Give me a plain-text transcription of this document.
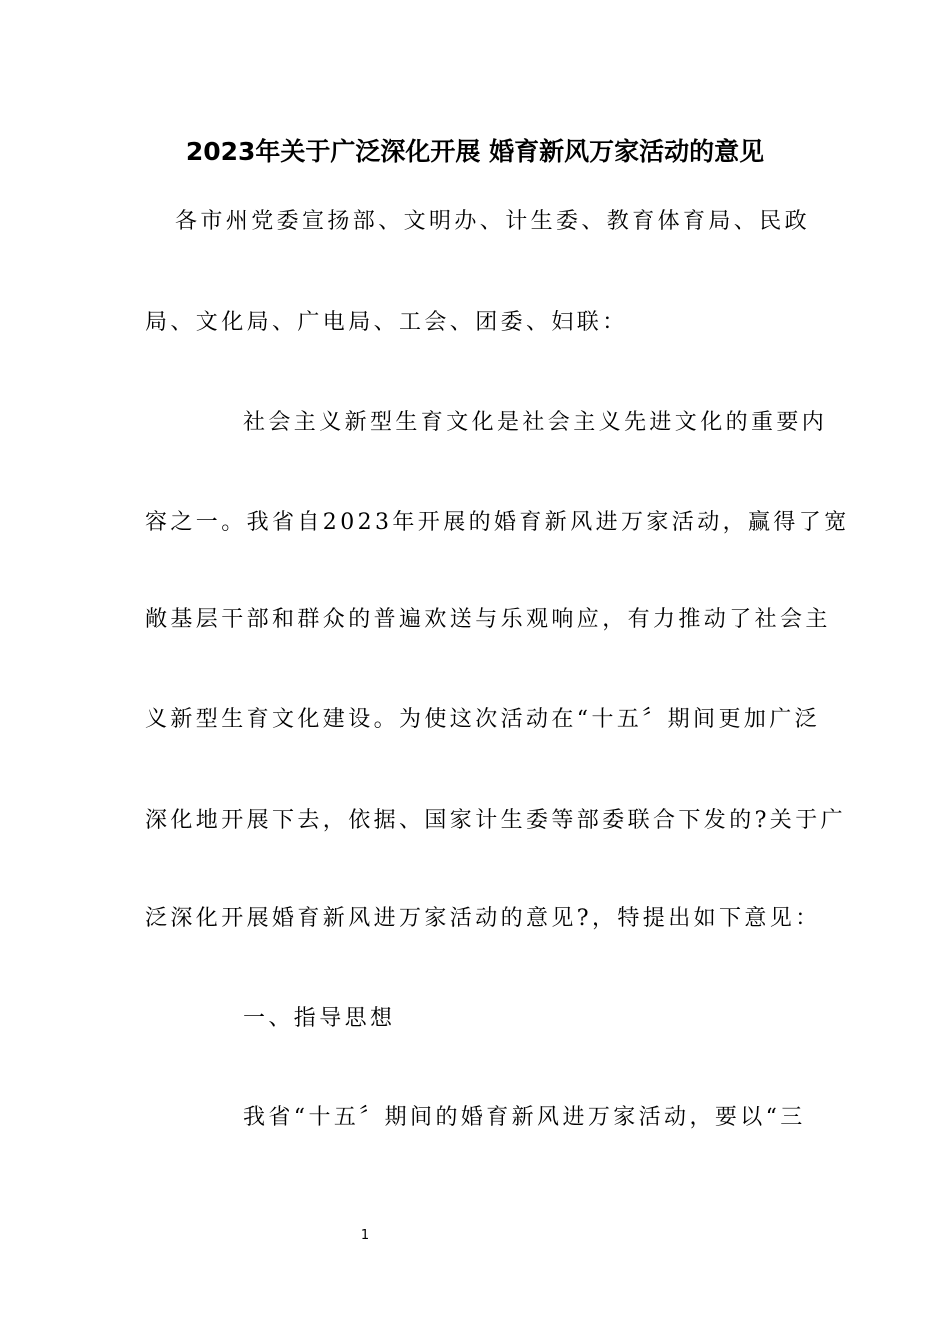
2023年关于广泛深化开展 婚育新风万家活动的意见
各市州党委宣扬部、文明办、计生委、教育体育局、民政
局、文化局、广电局、工会、团委、妇联：
社会主义新型生育文化是社会主义先进文化的重要内
容之一。我省自2023年开展的婚育新风进万家活动，赢得了宽
敞基层干部和群众的普遍欢送与乐观响应，有力推动了社会主
义新型生育文化建设。为使这次活动在“十五〞期间更加广泛
深化地开展下去，依据、国家计生委等部委联合下发的?关于广
泛深化开展婚育新风进万家活动的意见?，特提出如下意见：
一、指导思想
我省“十五〞期间的婚育新风进万家活动，要以“三
1
